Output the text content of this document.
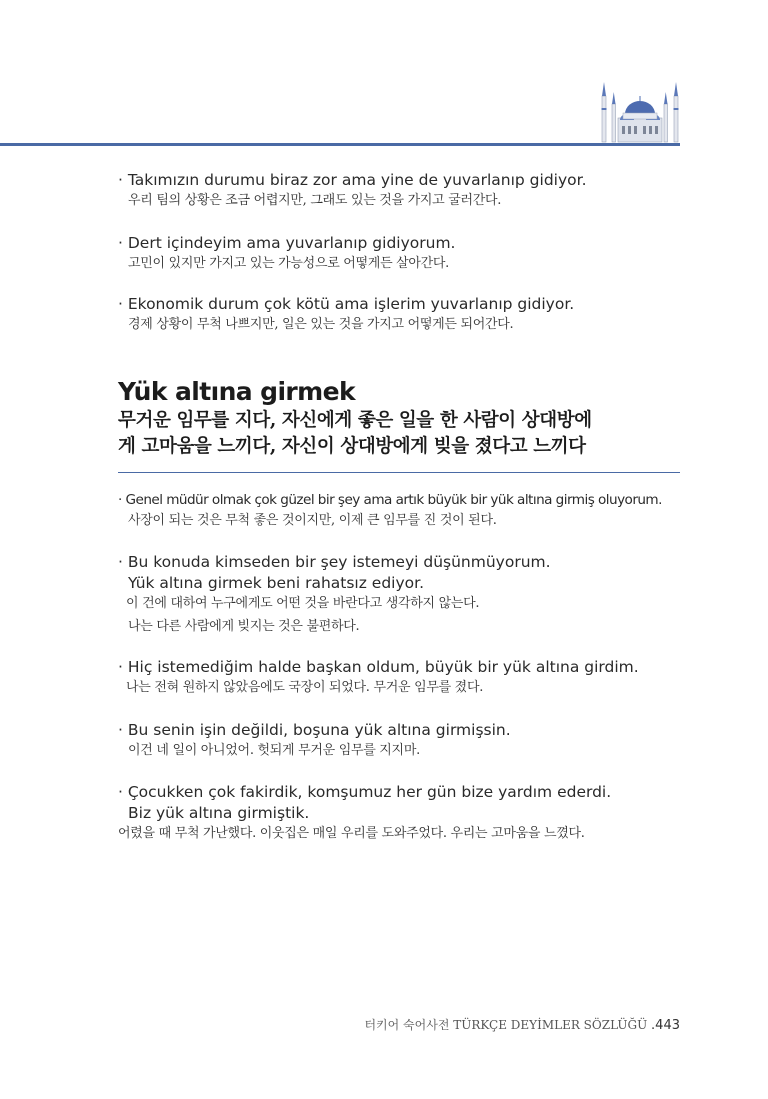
· Takımızın durumu biraz zor ama yine de yuvarlanıp gidiyor.
우리 팀의 상황은 조금 어렵지만, 그래도 있는 것을 가지고 굴러간다.
· Dert içindeyim ama yuvarlanıp gidiyorum.
고민이 있지만 가지고 있는 가능성으로 어떻게든 살아간다.
· Ekonomik durum çok kötü ama işlerim yuvarlanıp gidiyor.
경제 상황이 무척 나쁘지만, 일은 있는 것을 가지고 어떻게든 되어간다.
Yük altına girmek
무거운 임무를 지다, 자신에게 좋은 일을 한 사람이 상대방에
게 고마움을 느끼다, 자신이 상대방에게 빚을 졌다고 느끼다
· Genel müdür olmak çok güzel bir şey ama artık büyük bir yük altına girmiş oluyorum.
사장이 되는 것은 무척 좋은 것이지만, 이제 큰 임무를 진 것이 된다.
· Bu konuda kimseden bir şey istemeyi düşünmüyorum.
Yük altına girmek beni rahatsız ediyor.
이 건에 대하여 누구에게도 어떤 것을 바란다고 생각하지 않는다.
나는 다른 사람에게 빚지는 것은 불편하다.
· Hiç istemediğim halde başkan oldum, büyük bir yük altına girdim.
나는 전혀 원하지 않았음에도 국장이 되었다. 무거운 임무를 졌다.
· Bu senin işin değildi, boşuna yük altına girmişsin.
이건 네 일이 아니었어. 헛되게 무거운 임무를 지지마.
· Çocukken çok fakirdik, komşumuz her gün bize yardım ederdi.
Biz yük altına girmiştik.
어렸을 때 무척 가난했다. 이웃집은 매일 우리를 도와주었다. 우리는 고마움을 느꼈다.
터키어 숙어사전 TÜRKÇE DEYİMLER SÖZLÜĞÜ .443
